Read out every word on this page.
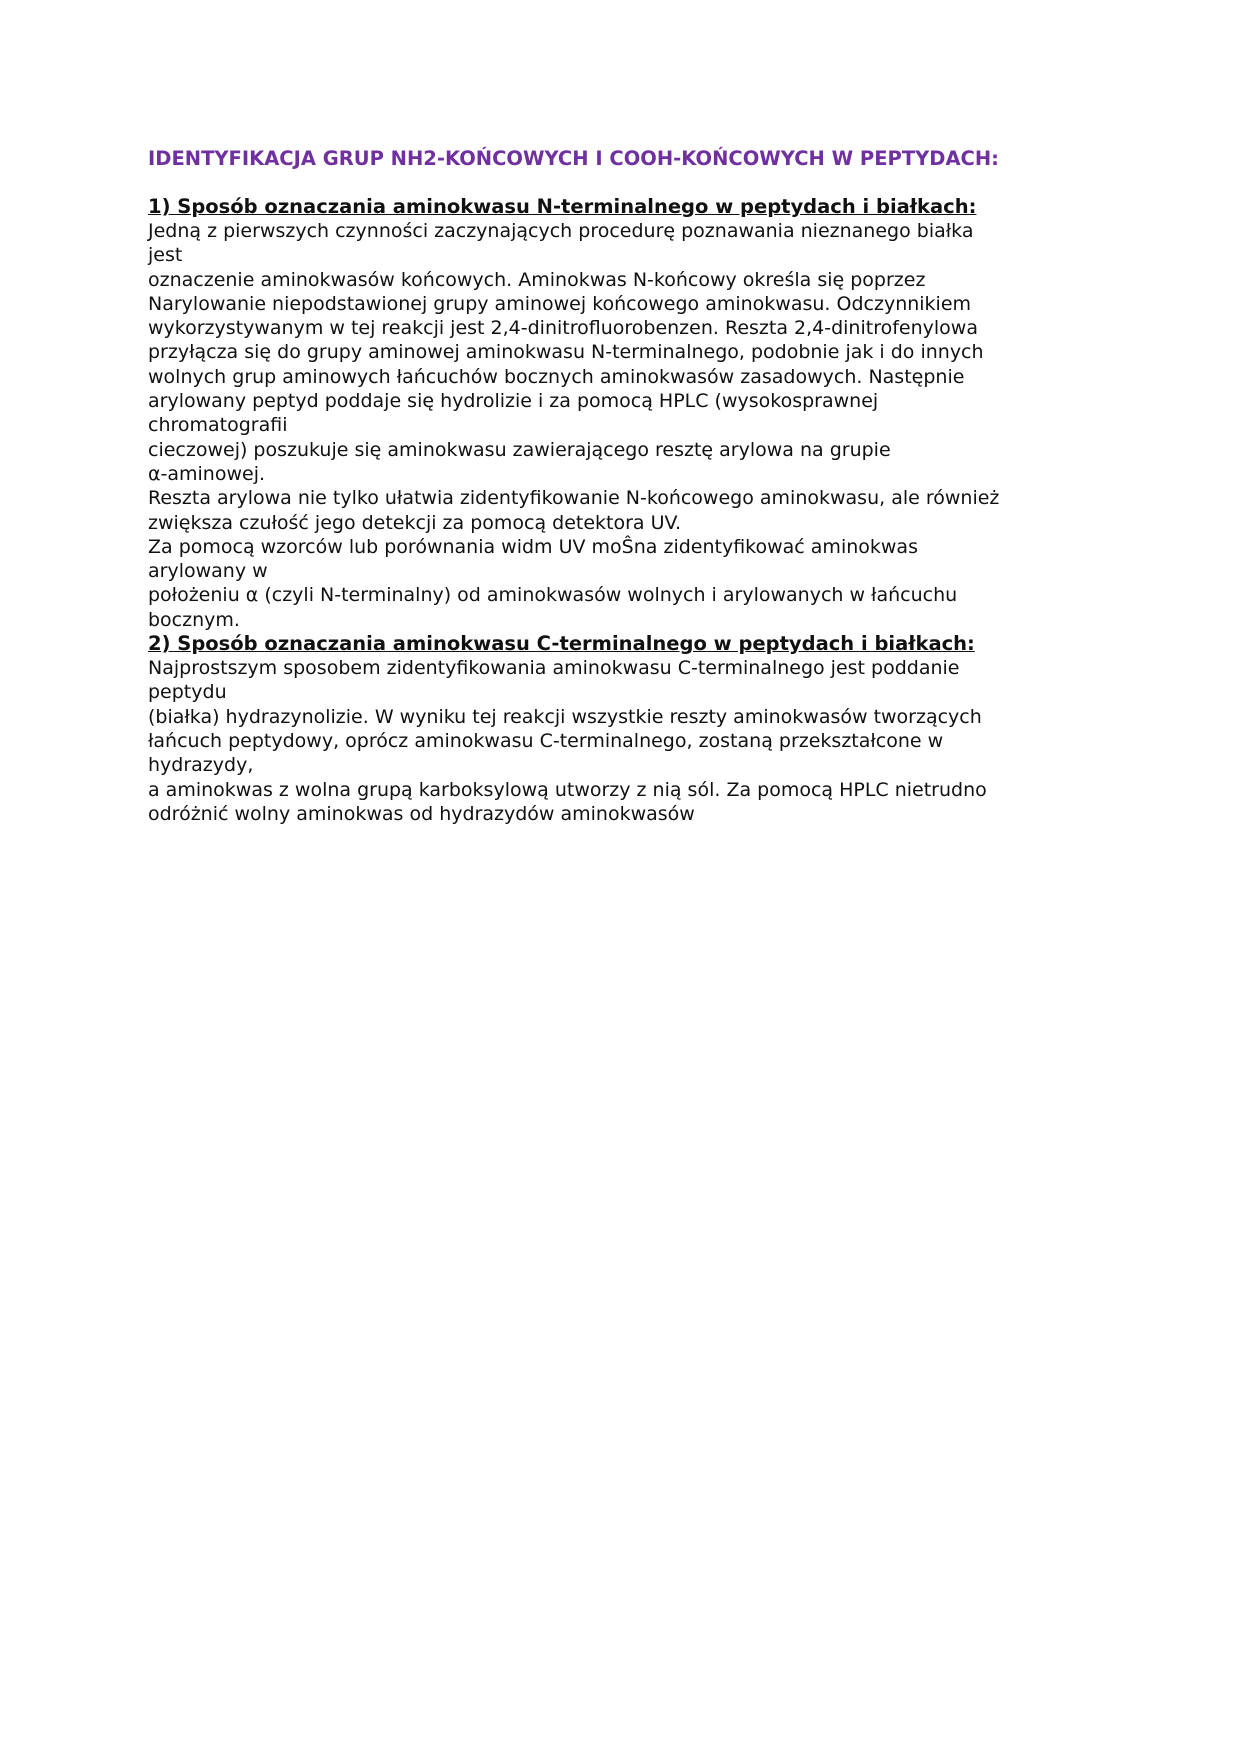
IDENTYFIKACJA GRUP NH2-KOŃCOWYCH I COOH-KOŃCOWYCH W PEPTYDACH:
1) Sposób oznaczania aminokwasu N-terminalnego w peptydach i białkach:
Jedną z pierwszych czynności zaczynających procedurę poznawania nieznanego białka
jest
oznaczenie aminokwasów końcowych. Aminokwas N-końcowy określa się poprzez
Narylowanie niepodstawionej grupy aminowej końcowego aminokwasu. Odczynnikiem
wykorzystywanym w tej reakcji jest 2,4-dinitrofluorobenzen. Reszta 2,4-dinitrofenylowa
przyłącza się do grupy aminowej aminokwasu N-terminalnego, podobnie jak i do innych
wolnych grup aminowych łańcuchów bocznych aminokwasów zasadowych. Następnie
arylowany peptyd poddaje się hydrolizie i za pomocą HPLC (wysokosprawnej
chromatografii
cieczowej) poszukuje się aminokwasu zawierającego resztę arylowa na grupie
α-aminowej.
Reszta arylowa nie tylko ułatwia zidentyfikowanie N-końcowego aminokwasu, ale również
zwiększa czułość jego detekcji za pomocą detektora UV.
Za pomocą wzorców lub porównania widm UV moŜna zidentyfikować aminokwas
arylowany w
położeniu α (czyli N-terminalny) od aminokwasów wolnych i arylowanych w łańcuchu
bocznym.
2) Sposób oznaczania aminokwasu C-terminalnego w peptydach i białkach:
Najprostszym sposobem zidentyfikowania aminokwasu C-terminalnego jest poddanie
peptydu
(białka) hydrazynolizie. W wyniku tej reakcji wszystkie reszty aminokwasów tworzących
łańcuch peptydowy, oprócz aminokwasu C-terminalnego, zostaną przekształcone w
hydrazydy,
a aminokwas z wolna grupą karboksylową utworzy z nią sól. Za pomocą HPLC nietrudno
odróżnić wolny aminokwas od hydrazydów aminokwasów
